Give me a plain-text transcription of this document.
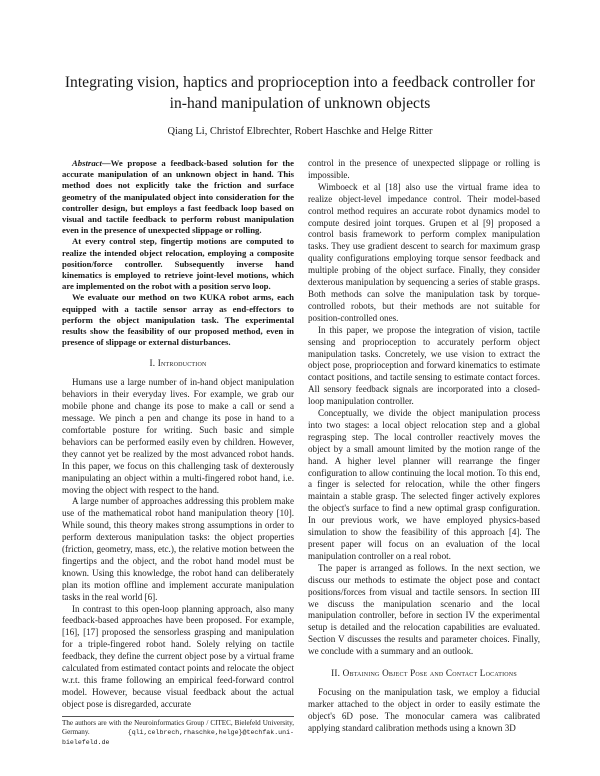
Integrating vision, haptics and proprioception into a feedback controller for in-hand manipulation of unknown objects

Qiang Li, Christof Elbrechter, Robert Haschke and Helge Ritter

Abstract—We propose a feedback-based solution for the accurate manipulation of an unknown object in hand. This method does not explicitly take the friction and surface geometry of the manipulated object into consideration for the controller design, but employs a fast feedback loop based on visual and tactile feedback to perform robust manipulation even in the presence of unexpected slippage or rolling.

At every control step, fingertip motions are computed to realize the intended object relocation, employing a composite position/force controller. Subsequently inverse hand kinematics is employed to retrieve joint-level motions, which are implemented on the robot with a position servo loop.

We evaluate our method on two KUKA robot arms, each equipped with a tactile sensor array as end-effectors to perform the object manipulation task. The experimental results show the feasibility of our proposed method, even in presence of slippage or external disturbances.

I. Introduction

Humans use a large number of in-hand object manipulation behaviors in their everyday lives. For example, we grab our mobile phone and change its pose to make a call or send a message. We pinch a pen and change its pose in hand to a comfortable posture for writing. Such basic and simple behaviors can be performed easily even by children. However, they cannot yet be realized by the most advanced robot hands. In this paper, we focus on this challenging task of dexterously manipulating an object within a multi-fingered robot hand, i.e. moving the object with respect to the hand.

A large number of approaches addressing this problem make use of the mathematical robot hand manipulation theory [10]. While sound, this theory makes strong assumptions in order to perform dexterous manipulation tasks: the object properties (friction, geometry, mass, etc.), the relative motion between the fingertips and the object, and the robot hand model must be known. Using this knowledge, the robot hand can deliberately plan its motion offline and implement accurate manipulation tasks in the real world [6].

In contrast to this open-loop planning approach, also many feedback-based approaches have been proposed. For example, [16], [17] proposed the sensorless grasping and manipulation for a triple-fingered robot hand. Solely relying on tactile feedback, they define the current object pose by a virtual frame calculated from estimated contact points and relocate the object w.r.t. this frame following an empirical feed-forward control model. However, because visual feedback about the actual object pose is disregarded, accurate

control in the presence of unexpected slippage or rolling is impossible.

Wimboeck et al [18] also use the virtual frame idea to realize object-level impedance control. Their model-based control method requires an accurate robot dynamics model to compute desired joint torques. Grupen et al [9] proposed a control basis framework to perform complex manipulation tasks. They use gradient descent to search for maximum grasp quality configurations employing torque sensor feedback and multiple probing of the object surface. Finally, they consider dexterous manipulation by sequencing a series of stable grasps. Both methods can solve the manipulation task by torque-controlled robots, but their methods are not suitable for position-controlled ones.

In this paper, we propose the integration of vision, tactile sensing and proprioception to accurately perform object manipulation tasks. Concretely, we use vision to extract the object pose, proprioception and forward kinematics to estimate contact positions, and tactile sensing to estimate contact forces. All sensory feedback signals are incorporated into a closed-loop manipulation controller.

Conceptually, we divide the object manipulation process into two stages: a local object relocation step and a global regrasping step. The local controller reactively moves the object by a small amount limited by the motion range of the hand. A higher level planner will rearrange the finger configuration to allow continuing the local motion. To this end, a finger is selected for relocation, while the other fingers maintain a stable grasp. The selected finger actively explores the object's surface to find a new optimal grasp configuration. In our previous work, we have employed physics-based simulation to show the feasibility of this approach [4]. The present paper will focus on an evaluation of the local manipulation controller on a real robot.

The paper is arranged as follows. In the next section, we discuss our methods to estimate the object pose and contact positions/forces from visual and tactile sensors. In section III we discuss the manipulation scenario and the local manipulation controller, before in section IV the experimental setup is detailed and the relocation capabilities are evaluated. Section V discusses the results and parameter choices. Finally, we conclude with a summary and an outlook.

II. Obtaining Object Pose and Contact Locations

Focusing on the manipulation task, we employ a fiducial marker attached to the object in order to easily estimate the object's 6D pose. The monocular camera was calibrated applying standard calibration methods using a known 3D

The authors are with the Neuroinformatics Group / CITEC, Bielefeld University, Germany.	{qli,celbrech,rhaschke,helge}@techfak.uni-bielefeld.de
